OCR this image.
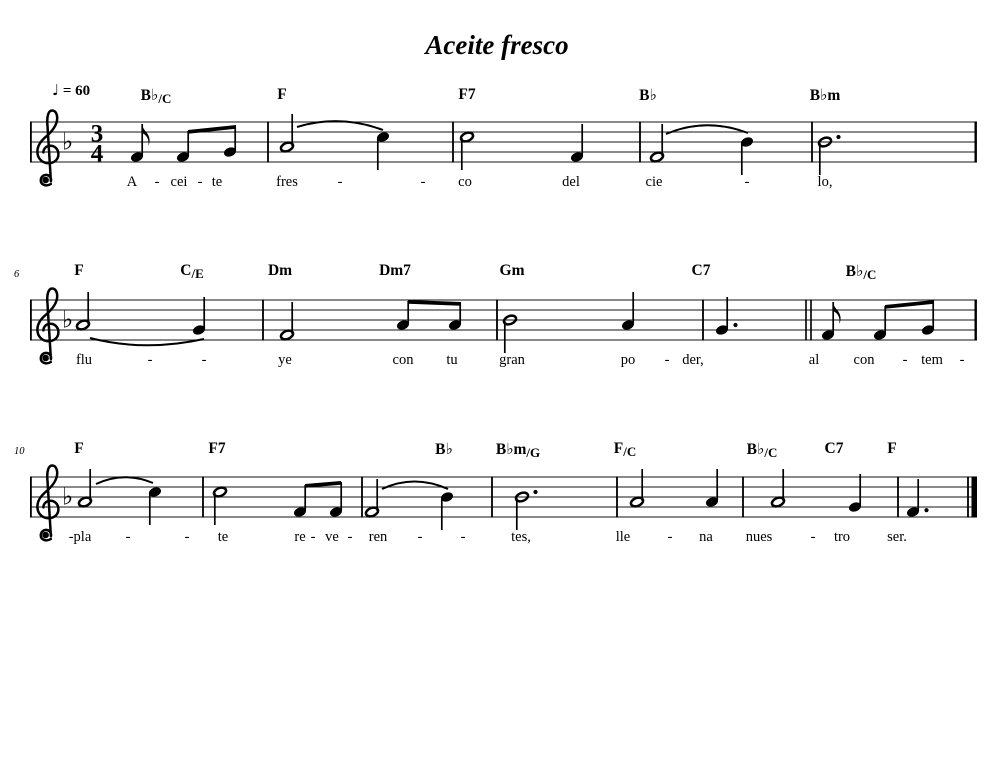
♭ 3
4
♭
♭
Aceite fresco
♩ = 60	B♭/C	F	F7	B♭	B♭m
A - cei - te	fres	-	- co	del	cie	-	lo,
6	F	C/E	Dm	Dm7	Gm	C7	B♭/C
flu	-	-	ye	con tu	gran	po - der,	al con - tem -
10	F	F7	B♭	B♭m/G	F/C	B♭/C	C7	F
-pla -	- te	re - ve - ren -	-	tes,	lle	- na nues	- tro	ser.
